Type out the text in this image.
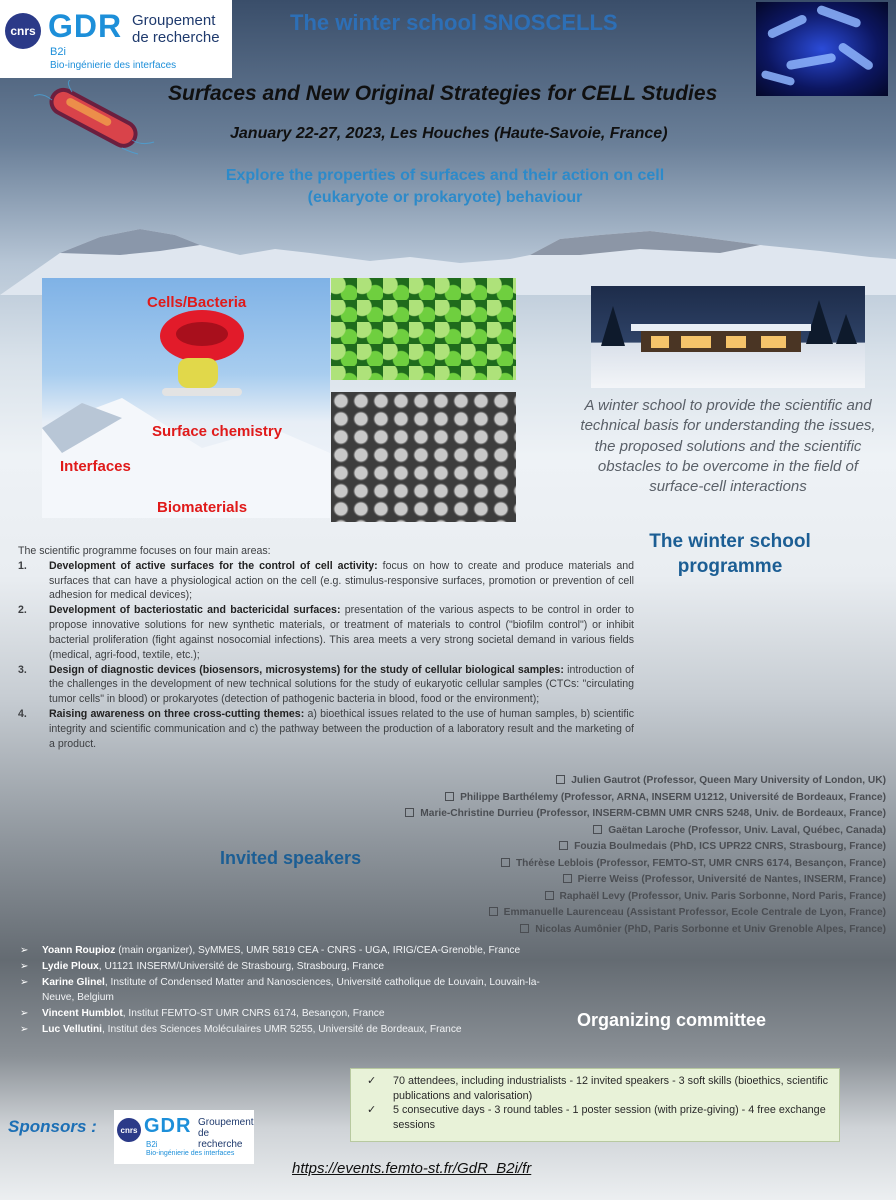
cnrs GDR Groupement
de recherche
B2i
Bio-ingénierie des interfaces
The winter school SNOSCELLS
Surfaces and New Original Strategies for CELL Studies
January 22-27, 2023, Les Houches (Haute-Savoie, France)
Explore the properties of surfaces and their action on cell
(eukaryote or prokaryote) behaviour
Cells/Bacteria
Surface chemistry
Interfaces
Biomaterials
A winter school to provide the scientific and technical basis for understanding the issues, the proposed solutions and the scientific obstacles to be overcome in the field of surface-cell interactions
The winter school
programme
The scientific programme focuses on four main areas:
1. Development of active surfaces for the control of cell activity: focus on how to create and produce materials and surfaces that can have a physiological action on the cell (e.g. stimulus-responsive surfaces, promotion or prevention of cell adhesion for medical devices);
2. Development of bacteriostatic and bactericidal surfaces: presentation of the various aspects to be control in order to propose innovative solutions for new synthetic materials, or treatment of materials to control ("biofilm control") or inhibit bacterial proliferation (fight against nosocomial infections). This area meets a very strong societal demand in various fields (medical, agri-food, textile, etc.);
3. Design of diagnostic devices (biosensors, microsystems) for the study of cellular biological samples: introduction of the challenges in the development of new technical solutions for the study of eukaryotic cellular samples (CTCs: "circulating tumor cells" in blood) or prokaryotes (detection of pathogenic bacteria in blood, food or the environment);
4. Raising awareness on three cross-cutting themes: a) bioethical issues related to the use of human samples, b) scientific integrity and scientific communication and c) the pathway between the production of a laboratory result and the marketing of a product.
Invited speakers
Julien Gautrot (Professor, Queen Mary University of London, UK)
Philippe Barthélemy (Professor, ARNA, INSERM U1212, Université de Bordeaux, France)
Marie-Christine Durrieu (Professor, INSERM-CBMN UMR CNRS 5248, Univ. de Bordeaux, France)
Gaëtan Laroche (Professor, Univ. Laval, Québec, Canada)
Fouzia Boulmedais (PhD, ICS UPR22 CNRS, Strasbourg, France)
Thérèse Leblois (Professor, FEMTO-ST, UMR CNRS 6174, Besançon, France)
Pierre Weiss (Professor, Université de Nantes, INSERM, France)
Raphaël Levy (Professor, Univ. Paris Sorbonne, Nord Paris, France)
Emmanuelle Laurenceau (Assistant Professor, Ecole Centrale de Lyon, France)
Nicolas Aumônier (PhD, Paris Sorbonne et Univ Grenoble Alpes, France)
➢ Yoann Roupioz (main organizer), SyMMES, UMR 5819 CEA - CNRS - UGA, IRIG/CEA-Grenoble, France
➢ Lydie Ploux, U1121 INSERM/Université de Strasbourg, Strasbourg, France
➢ Karine Glinel, Institute of Condensed Matter and Nanosciences, Université catholique de Louvain, Louvain-la-Neuve, Belgium
➢ Vincent Humblot, Institut FEMTO-ST UMR CNRS 6174, Besançon, France
➢ Luc Vellutini, Institut des Sciences Moléculaires UMR 5255, Université de Bordeaux, France	Organizing committee
✓ 70 attendees, including industrialists - 12 invited speakers - 3 soft skills (bioethics, scientific publications and valorisation)
✓ 5 consecutive days - 3 round tables - 1 poster session (with prize-giving) - 4 free exchange sessions
Sponsors :	cnrs GDR Groupement
de recherche
B2i
Bio-ingénierie des interfaces
https://events.femto-st.fr/GdR_B2i/fr
